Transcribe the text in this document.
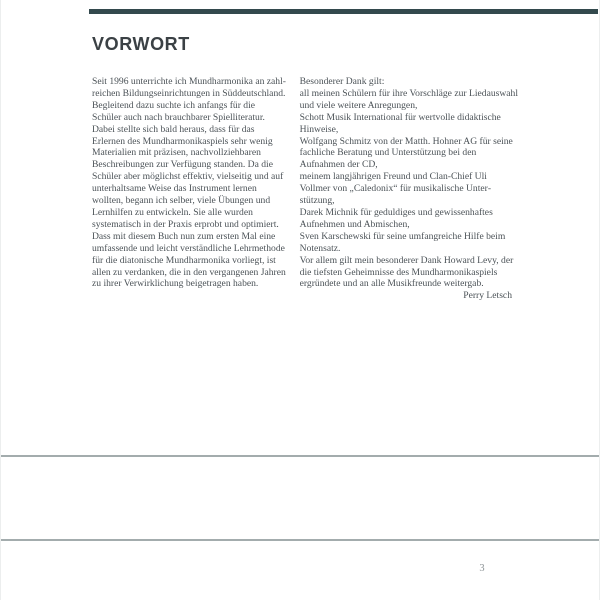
VORWORT

Seit 1996 unterrichte ich Mundharmonika an zahlreichen Bildungseinrichtungen in Süddeutschland. Begleitend dazu suchte ich anfangs für die Schüler auch nach brauchbarer Spielliteratur. Dabei stellte sich bald heraus, dass für das Erlernen des Mundharmonikaspiels sehr wenig Materialien mit präzisen, nachvollziehbaren Beschreibungen zur Verfügung standen. Da die Schüler aber möglichst effektiv, vielseitig und auf unterhaltsame Weise das Instrument lernen wollten, begann ich selber, viele Übungen und Lernhilfen zu entwickeln. Sie alle wurden systematisch in der Praxis erprobt und optimiert.

Dass mit diesem Buch nun zum ersten Mal eine umfassende und leicht verständliche Lehrmethode für die diatonische Mundharmonika vorliegt, ist allen zu verdanken, die in den vergangenen Jahren zu ihrer Verwirklichung beigetragen haben.

Besonderer Dank gilt:

all meinen Schülern für ihre Vorschläge zur Liedauswahl und viele weitere Anregungen,

Schott Musik International für wertvolle didaktische Hinweise,

Wolfgang Schmitz von der Matth. Hohner AG für seine fachliche Beratung und Unterstützung bei den Aufnahmen der CD,

meinem langjährigen Freund und Clan-Chief Uli Vollmer von „Caledonix“ für musikalische Unterstützung,

Darek Michnik für geduldiges und gewissenhaftes Aufnehmen und Abmischen,

Sven Karschewski für seine umfangreiche Hilfe beim Notensatz.

Vor allem gilt mein besonderer Dank Howard Levy, der die tiefsten Geheimnisse des Mundharmonikaspiels ergründete und an alle Musikfreunde weitergab.

Perry Letsch

3
